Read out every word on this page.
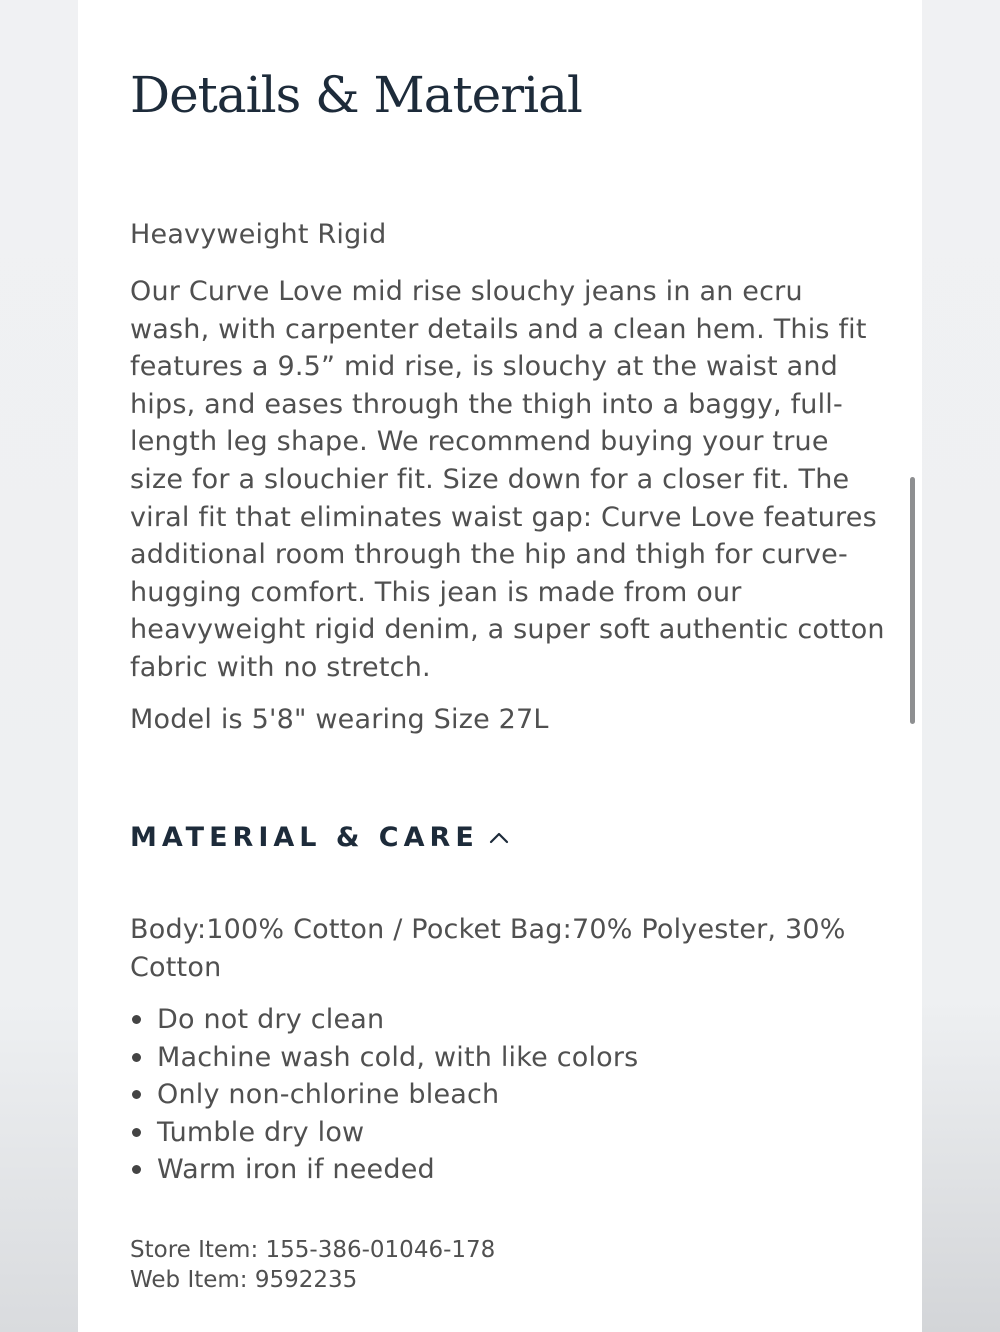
Details & Material

Heavyweight Rigid

Our Curve Love mid rise slouchy jeans in an ecru wash, with carpenter details and a clean hem. This fit features a 9.5” mid rise, is slouchy at the waist and hips, and eases through the thigh into a baggy, full-length leg shape. We recommend buying your true size for a slouchier fit. Size down for a closer fit. The viral fit that eliminates waist gap: Curve Love features additional room through the hip and thigh for curve-hugging comfort. This jean is made from our heavyweight rigid denim, a super soft authentic cotton fabric with no stretch.

Model is 5'8" wearing Size 27L

MATERIAL & CARE

Body:100% Cotton / Pocket Bag:70% Polyester, 30% Cotton

Do not dry clean
Machine wash cold, with like colors
Only non-chlorine bleach
Tumble dry low
Warm iron if needed
Store Item: 155-386-01046-178
Web Item: 9592235
